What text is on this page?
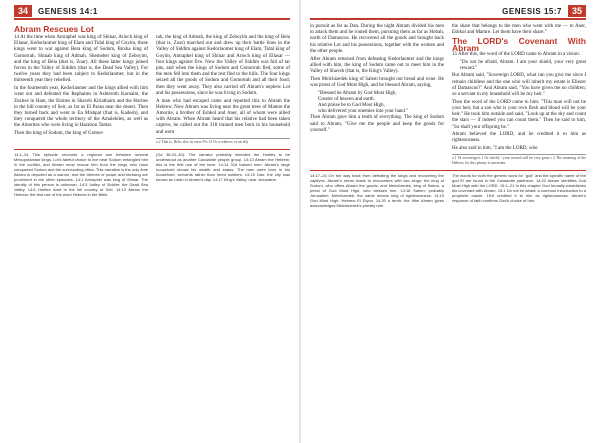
34	GENESIS 14:1
Abram Rescues Lot

14 At the time when Amraphel was king of Shinar, Arioch king of Ellasar, Kedorlaomer king of Elam and Tidal king of Goyim, these kings went to war against Bera king of Sodom, Birsha king of Gomorrah, Shinab king of Admah, Shemeber king of Zeboyim, and the king of Bela (that is, Zoar). All these latter kings joined forces in the Valley of Siddim (that is, the Dead Sea Valley). For twelve years they had been subject to Kedorlaomer, but in the thirteenth year they rebelled.

In the fourteenth year, Kedorlaomer and the kings allied with him went out and defeated the Rephaites in Ashteroth Karnaim, the Zuzites in Ham, the Emites in Shaveh Kiriathaim and the Horites in the hill country of Seir, as far as El Paran near the desert. Then they turned back and went to En Mishpat (that is, Kadesh), and they conquered the whole territory of the Amalekites, as well as the Amorites who were living in Hazezon Tamar.

Then the king of Sodom, the king of Gomor-

rah, the king of Admah, the king of Zeboyim and the king of Bela (that is, Zoar) marched out and drew up their battle lines in the Valley of Siddim against Kedorlaomer king of Elam, Tidal king of Goyim, Amraphel king of Shinar and Arioch king of Ellasar — four kings against five. Now the Valley of Siddim was full of tar pits, and when the kings of Sodom and Gomorrah fled, some of the men fell into them and the rest fled to the hills. The four kings seized all the goods of Sodom and Gomorrah and all their food; then they went away. They also carried off Abram's nephew Lot and his possessions, since he was living in Sodom.

A man who had escaped came and reported this to Abram the Hebrew. Now Abram was living near the great trees of Mamre the Amorite, a brother of Eshkol and Aner, all of whom were allied with Abram. When Abram heard that his relative had been taken captive, he called out the 318 trained men born in his household and went

a 2 That is, Bela; also in verse 8 b 13 Or a relative; or an ally
14:1–24 This episode recounts a regional war between several Mesopotamian kings. Lot's fateful choice to live near Sodom entangled him in the conflict, and Abram must rescue him from the kings who have conquered Sodom and the surrounding cities. This narrative is the only time Abram is depicted as a warrior, and the themes of power and blessing are prominent in the other episodes. 14:1 Amraphel was king of Shinar. The identity of this person is unknown. 14:3 Valley of Siddim: the Dead Sea Valley. 14:6 Horites lived in the hill country of Seir. 14:13 Abram the Hebrew: the first use of the word Hebrew in the Bible.
(Ge 36:20–30). The narrator probably intended the Horites to be understood as another Canaanite people group. 14:13 Abram the Hebrew: this is the first use of the term. 14:14 318 trained men: Abram's large household shows his wealth and status. The men were born in his household, servants rather than hired soldiers. 14:15 Dan: the city was known as Laish in Abram's day. 14:17 King's Valley: near Jerusalem.
GENESIS 15:7	35

in pursuit as far as Dan. During the night Abram divided his men to attack them and he routed them, pursuing them as far as Hobah, north of Damascus. He recovered all the goods and brought back his relative Lot and his possessions, together with the women and the other people.

After Abram returned from defeating Kedorlaomer and the kings allied with him, the king of Sodom came out to meet him in the Valley of Shaveh (that is, the King's Valley).

Then Melchizedek king of Salem brought out bread and wine. He was priest of God Most High, and he blessed Abram, saying,

"Blessed be Abram by God Most High,
Creator of heaven and earth.
And praise be to God Most High,
who delivered your enemies into your hand."

Then Abram gave him a tenth of everything. The king of Sodom said to Abram, "Give me the people and keep the goods for yourself."

the share that belongs to the men who went with me — to Aner, Eshkol and Mamre. Let them have their share."

The LORD's Covenant With Abram

15 After this, the word of the LORD came to Abram in a vision:

"Do not be afraid, Abram. I am your shield, your very great reward."

But Abram said, "Sovereign LORD, what can you give me since I remain childless and the one who will inherit my estate is Eliezer of Damascus?" And Abram said, "You have given me no children; so a servant in my household will be my heir."

Then the word of the LORD came to him: "This man will not be your heir, but a son who is your own flesh and blood will be your heir." He took him outside and said, "Look up at the sky and count the stars — if indeed you can count them." Then he said to him, "So shall your offspring be."

Abram believed the LORD, and he credited it to him as righteousness.

He also said to him, "I am the LORD, who

a 1 Or sovereign b 1 Or shield; / your reward will be very great c 2 The meaning of the Hebrew for this phrase is uncertain.
14:17–24 On the way back from defeating the kings and recovering the captives, Abram's return leads to encounters with two kings: the king of Sodom, who offers Abram the goods, and Melchizedek, king of Salem, a priest of God Most High, who blesses him. 14:18 Salem: probably Jerusalem. Melchizedek: the name means king of righteousness. 14:19 God Most High: Hebrew El Elyon. 14:20 a tenth: the tithe Abram gives acknowledges Melchizedek's priestly role.
The words for both the generic word for "god" and the specific name of the god El are found in the Canaanite pantheon. 14:22 Abram identifies God Most High with the LORD. 15:1–21 In this chapter God formally establishes his covenant with Abram. 15:1 Do not be afraid: a common introduction to a prophetic oracle. 15:6 credited it to him as righteousness: Abram's response of faith confirms God's choice of him.
